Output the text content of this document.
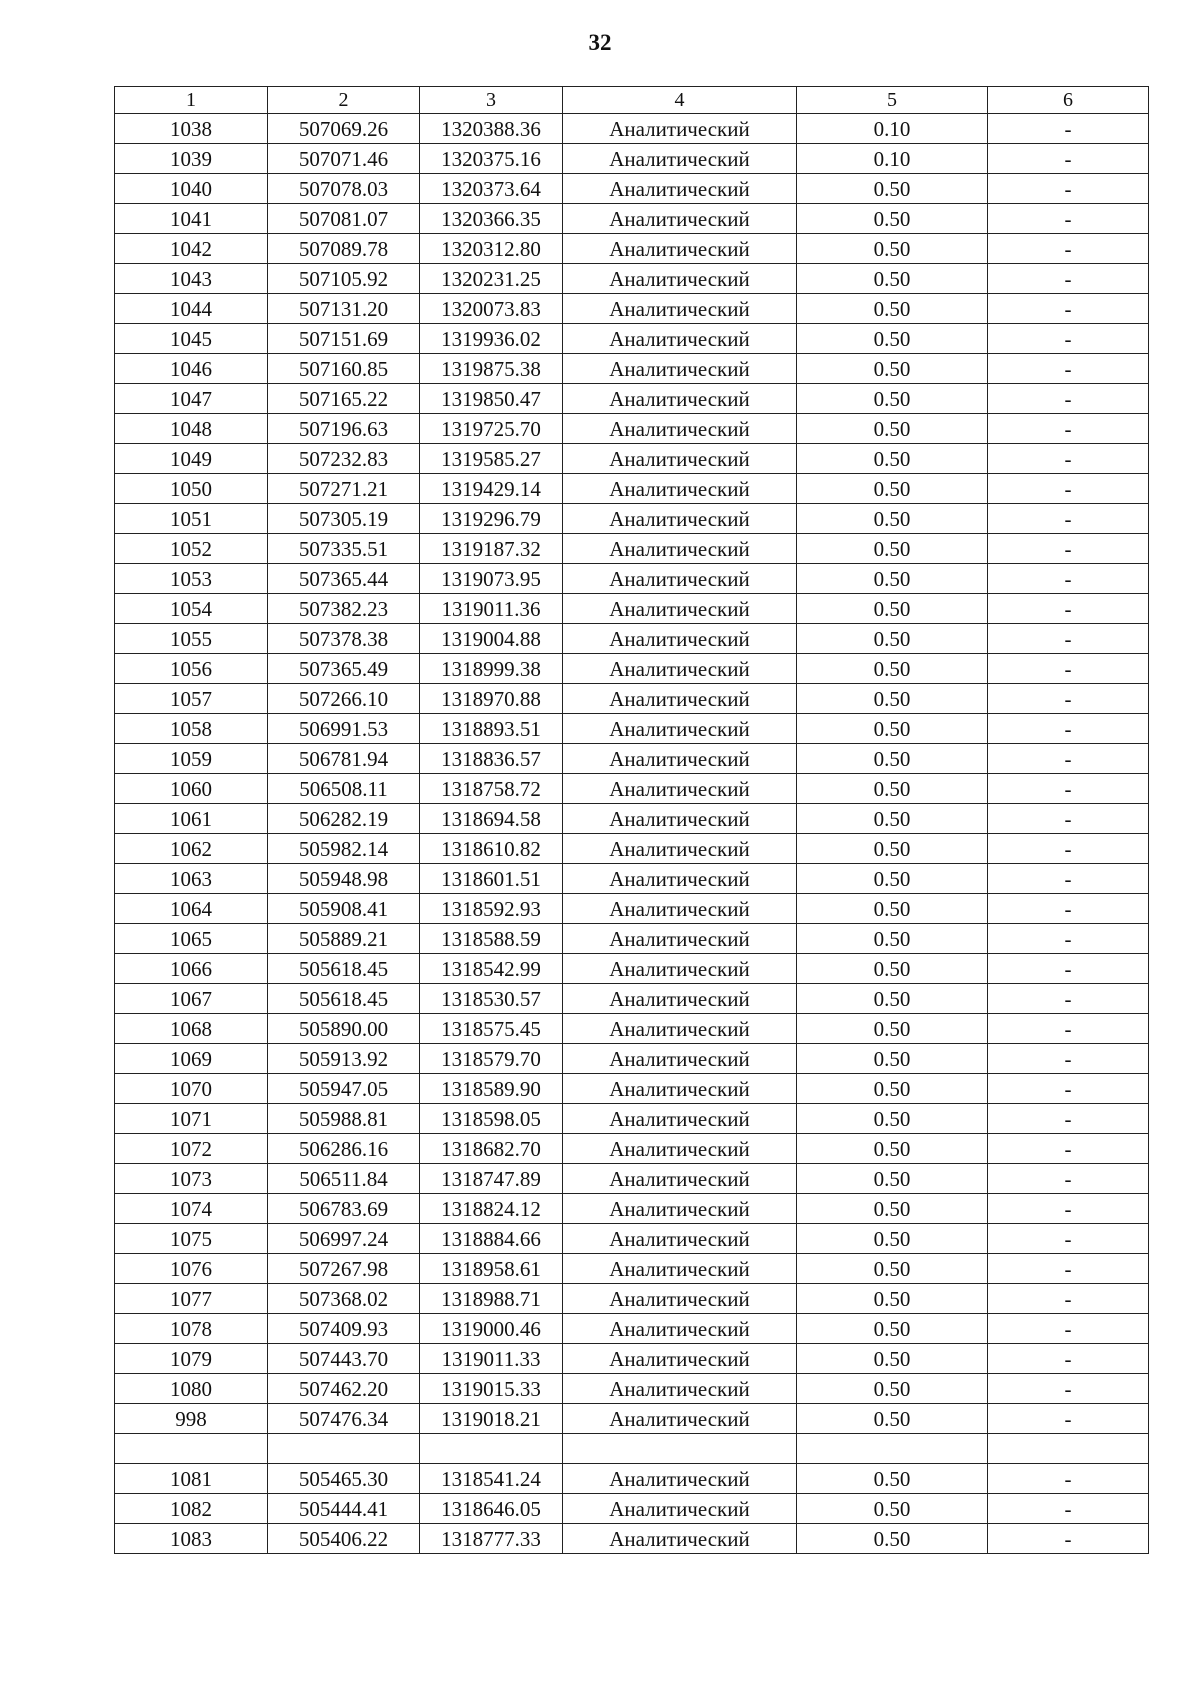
32
1	2	3	4	5	6
1038	507069.26	1320388.36	Аналитический	0.10	-
1039	507071.46	1320375.16	Аналитический	0.10	-
1040	507078.03	1320373.64	Аналитический	0.50	-
1041	507081.07	1320366.35	Аналитический	0.50	-
1042	507089.78	1320312.80	Аналитический	0.50	-
1043	507105.92	1320231.25	Аналитический	0.50	-
1044	507131.20	1320073.83	Аналитический	0.50	-
1045	507151.69	1319936.02	Аналитический	0.50	-
1046	507160.85	1319875.38	Аналитический	0.50	-
1047	507165.22	1319850.47	Аналитический	0.50	-
1048	507196.63	1319725.70	Аналитический	0.50	-
1049	507232.83	1319585.27	Аналитический	0.50	-
1050	507271.21	1319429.14	Аналитический	0.50	-
1051	507305.19	1319296.79	Аналитический	0.50	-
1052	507335.51	1319187.32	Аналитический	0.50	-
1053	507365.44	1319073.95	Аналитический	0.50	-
1054	507382.23	1319011.36	Аналитический	0.50	-
1055	507378.38	1319004.88	Аналитический	0.50	-
1056	507365.49	1318999.38	Аналитический	0.50	-
1057	507266.10	1318970.88	Аналитический	0.50	-
1058	506991.53	1318893.51	Аналитический	0.50	-
1059	506781.94	1318836.57	Аналитический	0.50	-
1060	506508.11	1318758.72	Аналитический	0.50	-
1061	506282.19	1318694.58	Аналитический	0.50	-
1062	505982.14	1318610.82	Аналитический	0.50	-
1063	505948.98	1318601.51	Аналитический	0.50	-
1064	505908.41	1318592.93	Аналитический	0.50	-
1065	505889.21	1318588.59	Аналитический	0.50	-
1066	505618.45	1318542.99	Аналитический	0.50	-
1067	505618.45	1318530.57	Аналитический	0.50	-
1068	505890.00	1318575.45	Аналитический	0.50	-
1069	505913.92	1318579.70	Аналитический	0.50	-
1070	505947.05	1318589.90	Аналитический	0.50	-
1071	505988.81	1318598.05	Аналитический	0.50	-
1072	506286.16	1318682.70	Аналитический	0.50	-
1073	506511.84	1318747.89	Аналитический	0.50	-
1074	506783.69	1318824.12	Аналитический	0.50	-
1075	506997.24	1318884.66	Аналитический	0.50	-
1076	507267.98	1318958.61	Аналитический	0.50	-
1077	507368.02	1318988.71	Аналитический	0.50	-
1078	507409.93	1319000.46	Аналитический	0.50	-
1079	507443.70	1319011.33	Аналитический	0.50	-
1080	507462.20	1319015.33	Аналитический	0.50	-
998	507476.34	1319018.21	Аналитический	0.50	-

1081	505465.30	1318541.24	Аналитический	0.50	-
1082	505444.41	1318646.05	Аналитический	0.50	-
1083	505406.22	1318777.33	Аналитический	0.50	-
